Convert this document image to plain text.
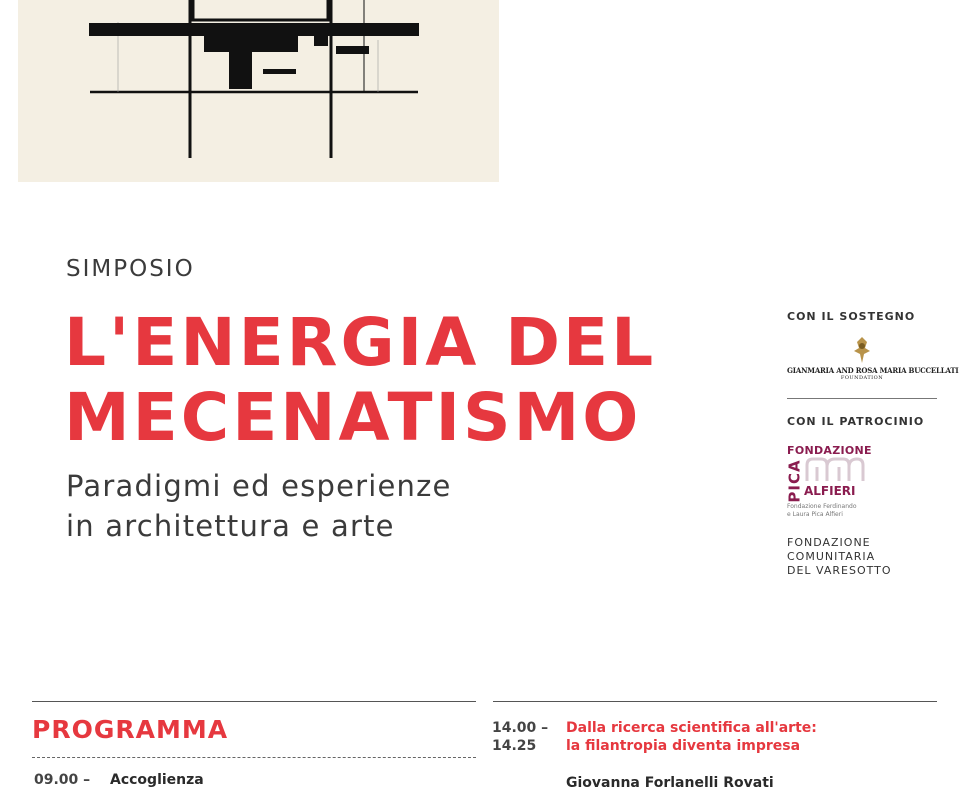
SIMPOSIO
L'ENERGIA DEL
MECENATISMO

Paradigmi ed esperienze
in architettura e arte

CON IL SOSTEGNO

GIANMARIA AND ROSA MARIA BUCCELLATI
FOUNDATION

CON IL PATROCINIO

FONDAZIONE
PICA ALFIERI
Fondazione Ferdinando
e Laura Pica Alfieri

FONDAZIONE
COMUNITARIA
DEL VARESOTTO

PROGRAMMA
09.00 – Accoglienza
14.00 –
14.25
Dalla ricerca scientifica all'arte:
la filantropia diventa impresa
Giovanna Forlanelli Rovati
